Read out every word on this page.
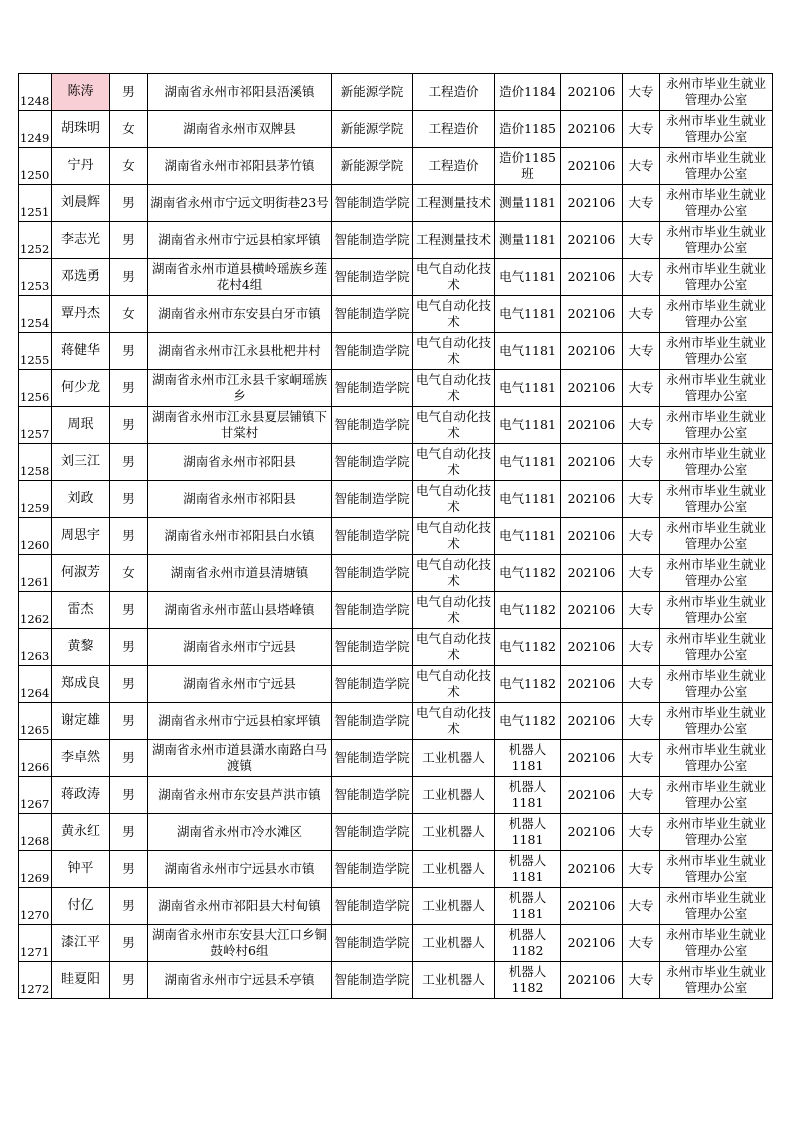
1248	陈涛	男	湖南省永州市祁阳县浯溪镇	新能源学院	工程造价	造价1184	202106	大专	永州市毕业生就业管理办公室
1249	胡珠明	女	湖南省永州市双牌县	新能源学院	工程造价	造价1185	202106	大专	永州市毕业生就业管理办公室
1250	宁丹	女	湖南省永州市祁阳县茅竹镇	新能源学院	工程造价	造价1185班	202106	大专	永州市毕业生就业管理办公室
1251	刘晨辉	男	湖南省永州市宁远文明街巷23号	智能制造学院	工程测量技术	测量1181	202106	大专	永州市毕业生就业管理办公室
1252	李志光	男	湖南省永州市宁远县柏家坪镇	智能制造学院	工程测量技术	测量1181	202106	大专	永州市毕业生就业管理办公室
1253	邓选勇	男	湖南省永州市道县横岭瑶族乡莲花村4组	智能制造学院	电气自动化技术	电气1181	202106	大专	永州市毕业生就业管理办公室
1254	覃丹杰	女	湖南省永州市东安县白牙市镇	智能制造学院	电气自动化技术	电气1181	202106	大专	永州市毕业生就业管理办公室
1255	蒋健华	男	湖南省永州市江永县枇杷井村	智能制造学院	电气自动化技术	电气1181	202106	大专	永州市毕业生就业管理办公室
1256	何少龙	男	湖南省永州市江永县千家峒瑶族乡	智能制造学院	电气自动化技术	电气1181	202106	大专	永州市毕业生就业管理办公室
1257	周珉	男	湖南省永州市江永县夏层铺镇下甘棠村	智能制造学院	电气自动化技术	电气1181	202106	大专	永州市毕业生就业管理办公室
1258	刘三江	男	湖南省永州市祁阳县	智能制造学院	电气自动化技术	电气1181	202106	大专	永州市毕业生就业管理办公室
1259	刘政	男	湖南省永州市祁阳县	智能制造学院	电气自动化技术	电气1181	202106	大专	永州市毕业生就业管理办公室
1260	周思宇	男	湖南省永州市祁阳县白水镇	智能制造学院	电气自动化技术	电气1181	202106	大专	永州市毕业生就业管理办公室
1261	何淑芳	女	湖南省永州市道县清塘镇	智能制造学院	电气自动化技术	电气1182	202106	大专	永州市毕业生就业管理办公室
1262	雷杰	男	湖南省永州市蓝山县塔峰镇	智能制造学院	电气自动化技术	电气1182	202106	大专	永州市毕业生就业管理办公室
1263	黄黎	男	湖南省永州市宁远县	智能制造学院	电气自动化技术	电气1182	202106	大专	永州市毕业生就业管理办公室
1264	郑成良	男	湖南省永州市宁远县	智能制造学院	电气自动化技术	电气1182	202106	大专	永州市毕业生就业管理办公室
1265	谢定雄	男	湖南省永州市宁远县柏家坪镇	智能制造学院	电气自动化技术	电气1182	202106	大专	永州市毕业生就业管理办公室
1266	李卓然	男	湖南省永州市道县潇水南路白马渡镇	智能制造学院	工业机器人	机器人1181	202106	大专	永州市毕业生就业管理办公室
1267	蒋政涛	男	湖南省永州市东安县芦洪市镇	智能制造学院	工业机器人	机器人1181	202106	大专	永州市毕业生就业管理办公室
1268	黄永红	男	湖南省永州市冷水滩区	智能制造学院	工业机器人	机器人1181	202106	大专	永州市毕业生就业管理办公室
1269	钟平	男	湖南省永州市宁远县水市镇	智能制造学院	工业机器人	机器人1181	202106	大专	永州市毕业生就业管理办公室
1270	付亿	男	湖南省永州市祁阳县大村甸镇	智能制造学院	工业机器人	机器人1181	202106	大专	永州市毕业生就业管理办公室
1271	漆江平	男	湖南省永州市东安县大江口乡铜鼓岭村6组	智能制造学院	工业机器人	机器人1182	202106	大专	永州市毕业生就业管理办公室
1272	眭夏阳	男	湖南省永州市宁远县禾亭镇	智能制造学院	工业机器人	机器人1182	202106	大专	永州市毕业生就业管理办公室
